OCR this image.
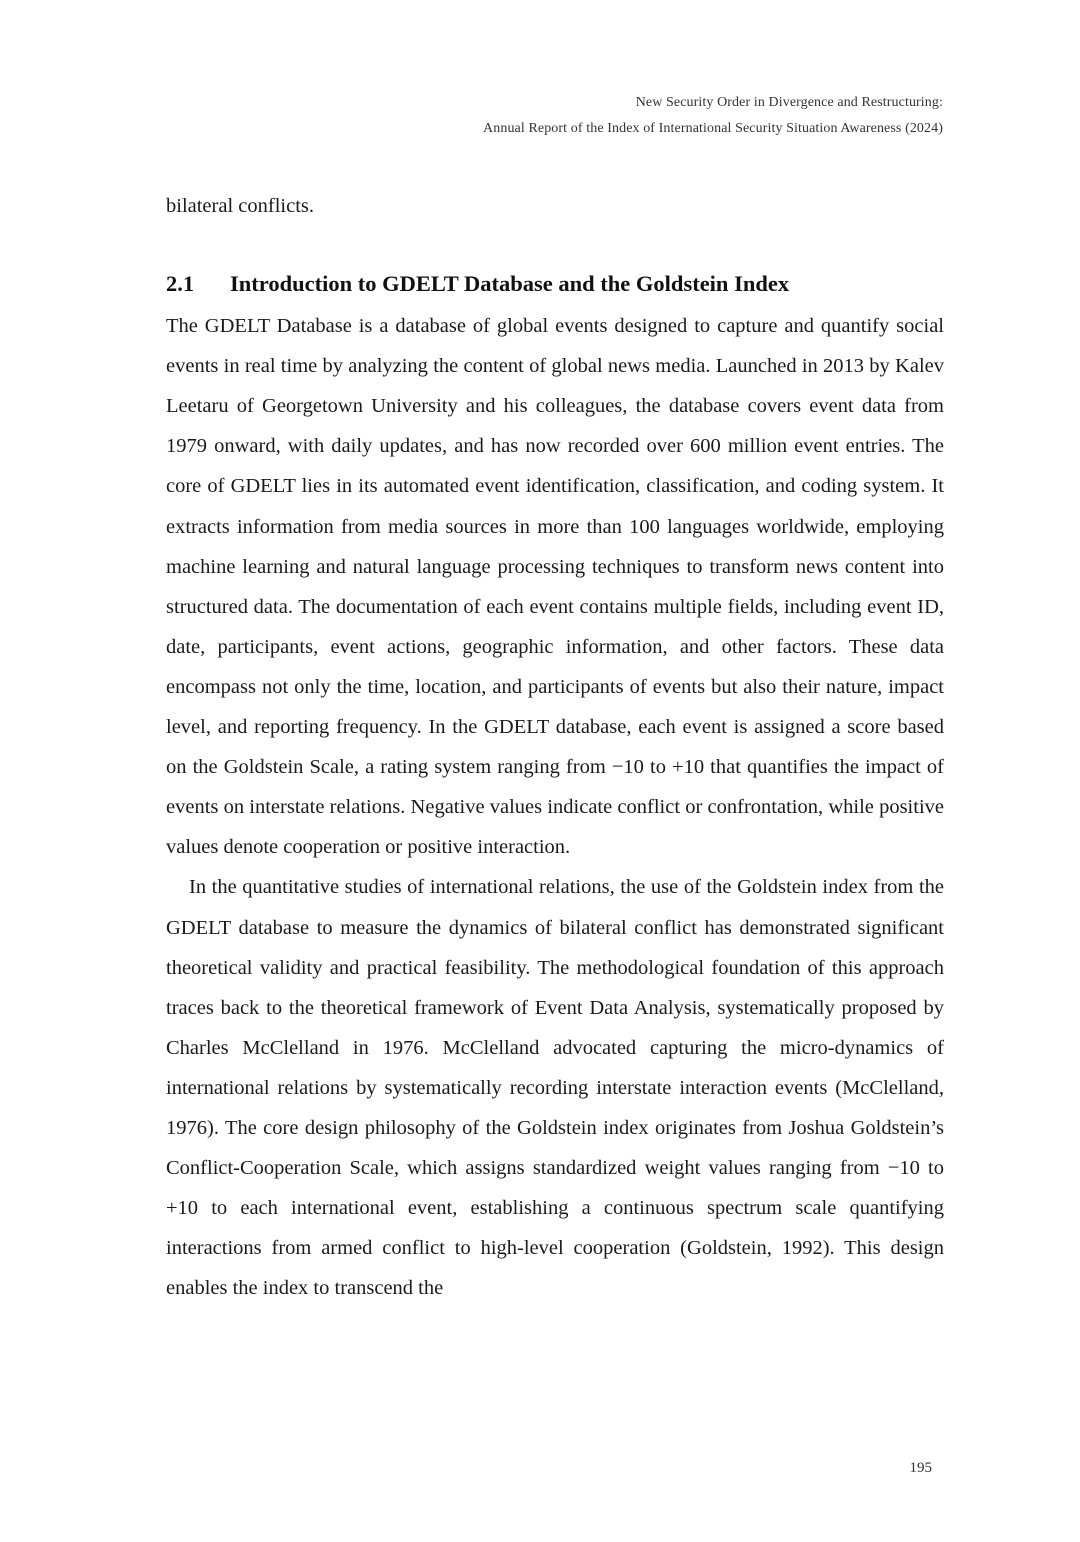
New Security Order in Divergence and Restructuring:
Annual Report of the Index of International Security Situation Awareness (2024)

bilateral conflicts.

2.1 Introduction to GDELT Database and the Goldstein Index

The GDELT Database is a database of global events designed to capture and quantify social events in real time by analyzing the content of global news media. Launched in 2013 by Kalev Leetaru of Georgetown University and his colleagues, the database covers event data from 1979 onward, with daily updates, and has now recorded over 600 million event entries. The core of GDELT lies in its automated event identification, classification, and coding system. It extracts information from media sources in more than 100 languages worldwide, employing machine learning and natural language processing techniques to transform news content into structured data. The documentation of each event contains multiple fields, including event ID, date, participants, event actions, geographic information, and other factors. These data encompass not only the time, location, and participants of events but also their nature, impact level, and reporting frequency. In the GDELT database, each event is assigned a score based on the Goldstein Scale, a rating system ranging from −10 to +10 that quantifies the impact of events on interstate relations. Negative values indicate conflict or confrontation, while positive values denote cooperation or positive interaction.

In the quantitative studies of international relations, the use of the Goldstein index from the GDELT database to measure the dynamics of bilateral conflict has demonstrated significant theoretical validity and practical feasibility. The methodological foundation of this approach traces back to the theoretical framework of Event Data Analysis, systematically proposed by Charles McClelland in 1976. McClelland advocated capturing the micro-dynamics of international relations by systematically recording interstate interaction events (McClelland, 1976). The core design philosophy of the Goldstein index originates from Joshua Goldstein’s Conflict-Cooperation Scale, which assigns standardized weight values ranging from −10 to +10 to each international event, establishing a continuous spectrum scale quantifying interactions from armed conflict to high-level cooperation (Goldstein, 1992). This design enables the index to transcend the

195
